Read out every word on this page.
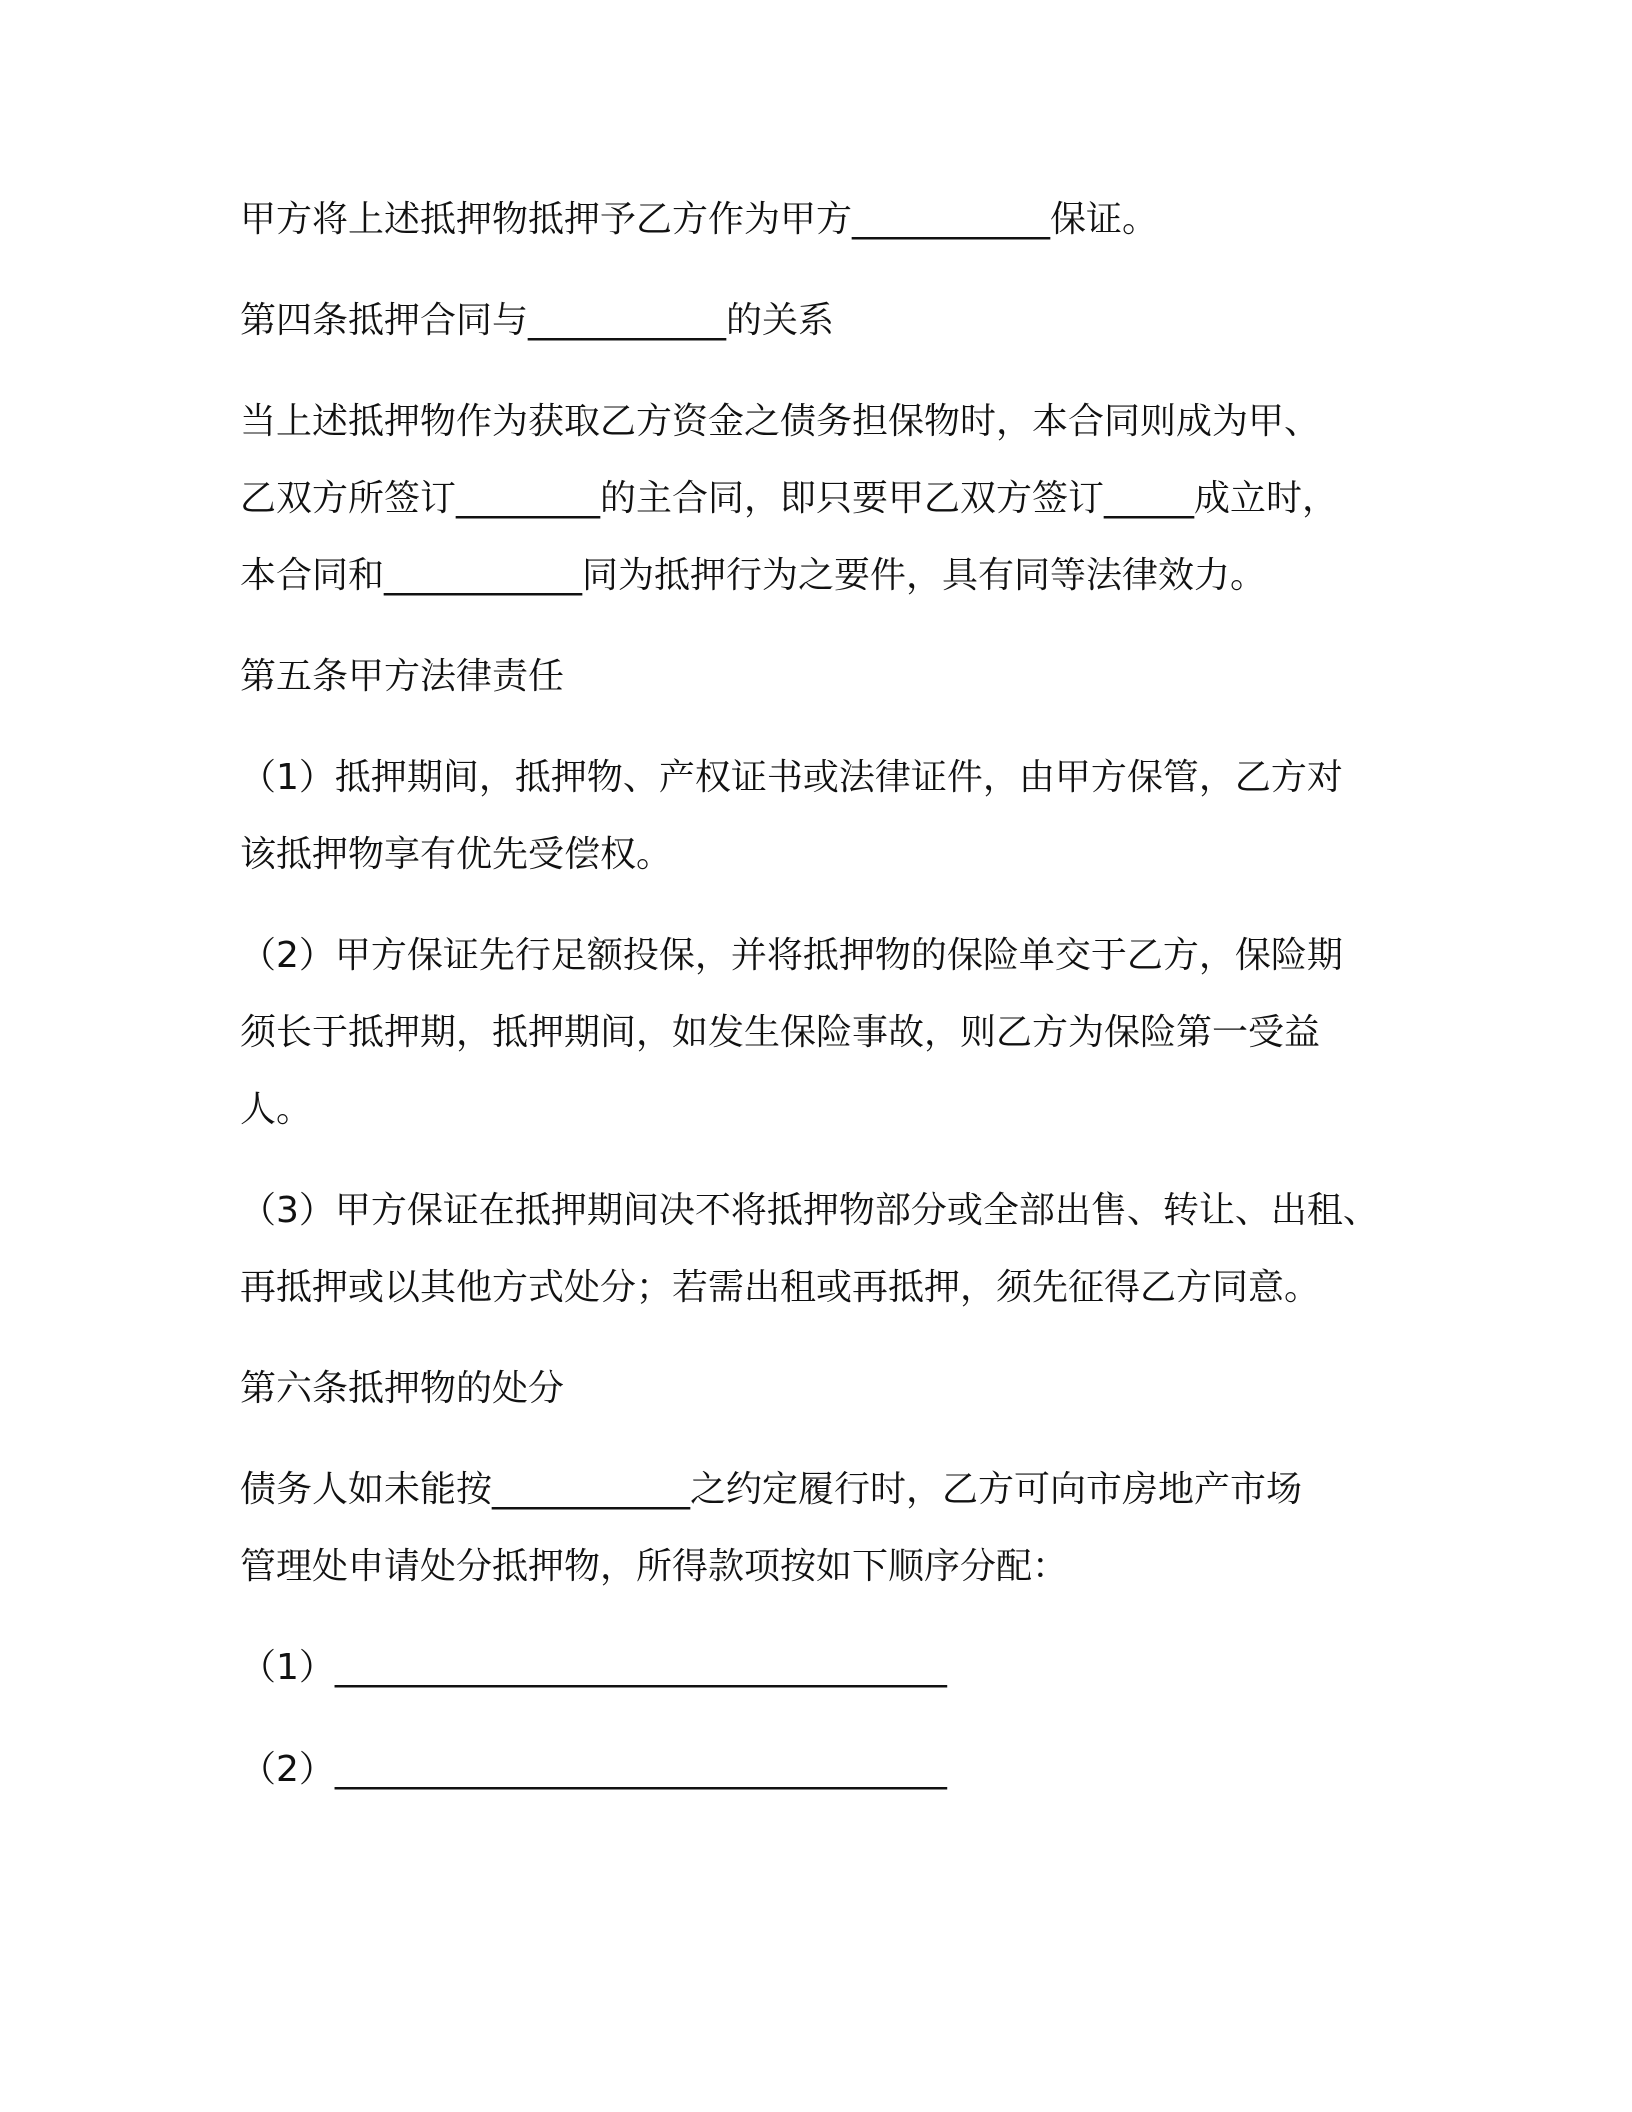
甲方将上述抵押物抵押予乙方作为甲方___________保证。
第四条抵押合同与___________的关系
当上述抵押物作为获取乙方资金之债务担保物时，本合同则成为甲、
乙双方所签订________的主合同，即只要甲乙双方签订_____成立时，
本合同和___________同为抵押行为之要件，具有同等法律效力。
第五条甲方法律责任
（1）抵押期间，抵押物、产权证书或法律证件，由甲方保管，乙方对
该抵押物享有优先受偿权。
（2）甲方保证先行足额投保，并将抵押物的保险单交于乙方，保险期
须长于抵押期，抵押期间，如发生保险事故，则乙方为保险第一受益
人。
（3）甲方保证在抵押期间决不将抵押物部分或全部出售、转让、出租、
再抵押或以其他方式处分；若需出租或再抵押，须先征得乙方同意。
第六条抵押物的处分
债务人如未能按___________之约定履行时，乙方可向市房地产市场
管理处申请处分抵押物，所得款项按如下顺序分配：
（1）__________________________________
（2）__________________________________
